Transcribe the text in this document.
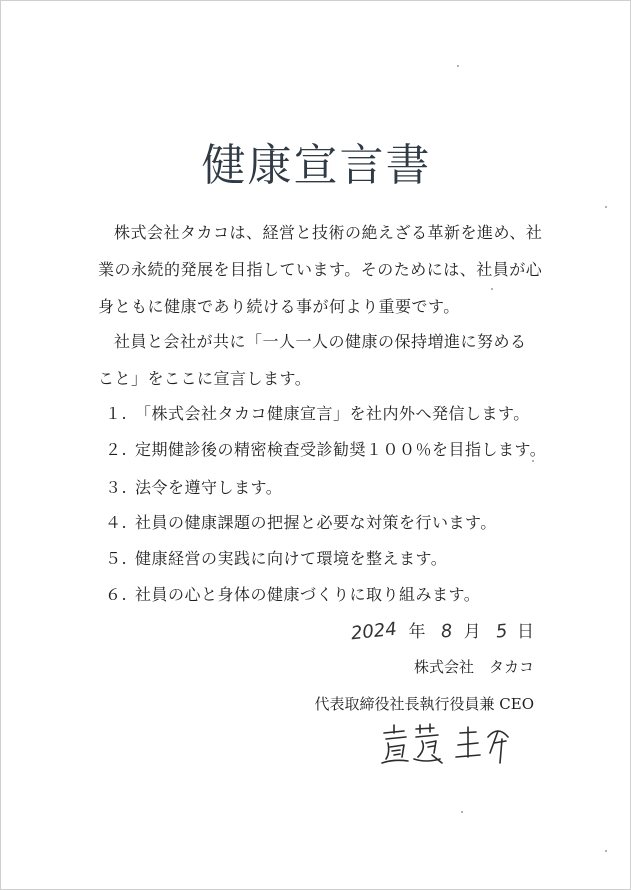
健康宣言書
株式会社タカコは、経営と技術の絶えざる革新を進め、社
業の永続的発展を目指しています。そのためには、社員が心
身ともに健康であり続ける事が何より重要です。
社員と会社が共に「一人一人の健康の保持増進に努める
こと」をここに宣言します。
１. 「株式会社タカコ健康宣言」を社内外へ発信します。
２. 定期健診後の精密検査受診勧奨１００％を目指します。
３. 法令を遵守します。
４. 社員の健康課題の把握と必要な対策を行います。
５. 健康経営の実践に向けて環境を整えます。
６. 社員の心と身体の健康づくりに取り組みます。
2024 年 8 月 5 日
株式会社　タカコ
代表取締役社長執行役員兼 CEO
